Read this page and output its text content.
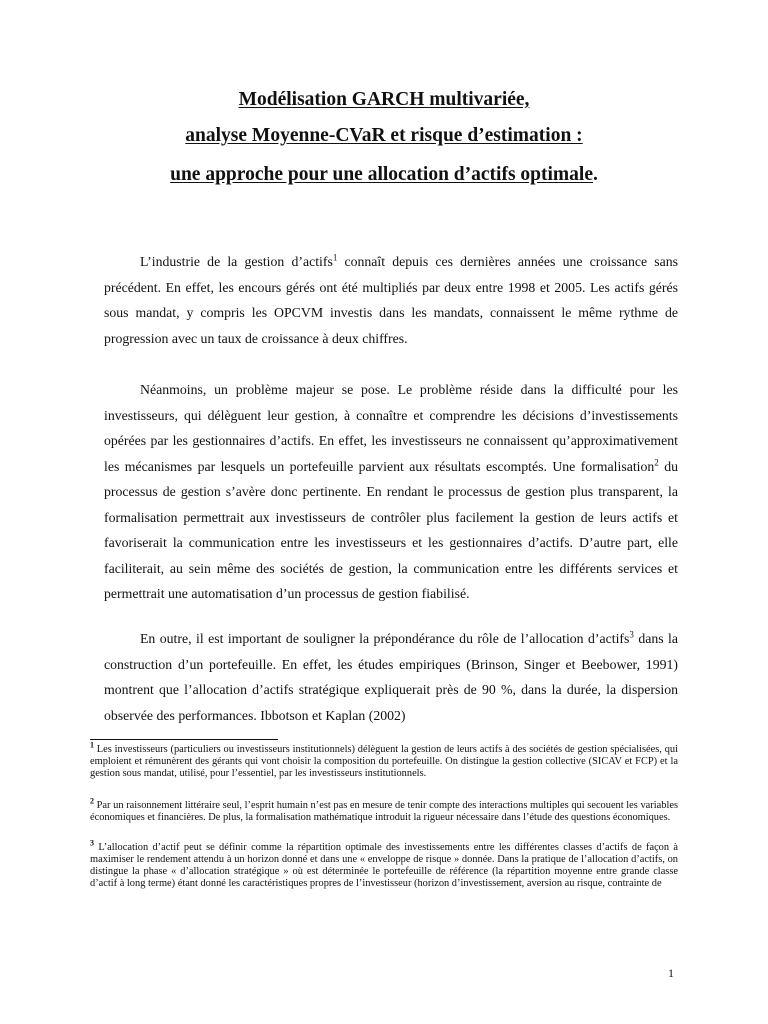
Modélisation GARCH multivariée,
analyse Moyenne-CVaR et risque d’estimation :
une approche pour une allocation d’actifs optimale.

L’industrie de la gestion d’actifs$^1$ connaît depuis ces dernières années une croissance sans précédent. En effet, les encours gérés ont été multipliés par deux entre 1998 et 2005. Les actifs gérés sous mandat, y compris les OPCVM investis dans les mandats, connaissent le même rythme de progression avec un taux de croissance à deux chiffres.

Néanmoins, un problème majeur se pose. Le problème réside dans la difficulté pour les investisseurs, qui délèguent leur gestion, à connaître et comprendre les décisions d’investissements opérées par les gestionnaires d’actifs. En effet, les investisseurs ne connaissent qu’approximativement les mécanismes par lesquels un portefeuille parvient aux résultats escomptés. Une formalisation$^2$ du processus de gestion s’avère donc pertinente. En rendant le processus de gestion plus transparent, la formalisation permettrait aux investisseurs de contrôler plus facilement la gestion de leurs actifs et favoriserait la communication entre les investisseurs et les gestionnaires d’actifs. D’autre part, elle faciliterait, au sein même des sociétés de gestion, la communication entre les différents services et permettrait une automatisation d’un processus de gestion fiabilisé.

En outre, il est important de souligner la prépondérance du rôle de l’allocation d’actifs$^3$ dans la construction d’un portefeuille. En effet, les études empiriques (Brinson, Singer et Beebower, 1991) montrent que l’allocation d’actifs stratégique expliquerait près de 90 %, dans la durée, la dispersion observée des performances. Ibbotson et Kaplan (2002)

$^1$ Les investisseurs (particuliers ou investisseurs institutionnels) délèguent la gestion de leurs actifs à des sociétés de gestion spécialisées, qui emploient et rémunèrent des gérants qui vont choisir la composition du portefeuille. On distingue la gestion collective (SICAV et FCP) et la gestion sous mandat, utilisé, pour l’essentiel, par les investisseurs institutionnels.
$^2$ Par un raisonnement littéraire seul, l’esprit humain n’est pas en mesure de tenir compte des interactions multiples qui secouent les variables économiques et financières. De plus, la formalisation mathématique introduit la rigueur nécessaire dans l’étude des questions économiques.
$^3$ L’allocation d’actif peut se définir comme la répartition optimale des investissements entre les différentes classes d’actifs de façon à maximiser le rendement attendu à un horizon donné et dans une « enveloppe de risque » donnée. Dans la pratique de l’allocation d’actifs, on distingue la phase « d’allocation stratégique » où est déterminée le portefeuille de référence (la répartition moyenne entre grande classe d’actif à long terme) étant donné les caractéristiques propres de l’investisseur (horizon d’investissement, aversion au risque, contrainte de
1
